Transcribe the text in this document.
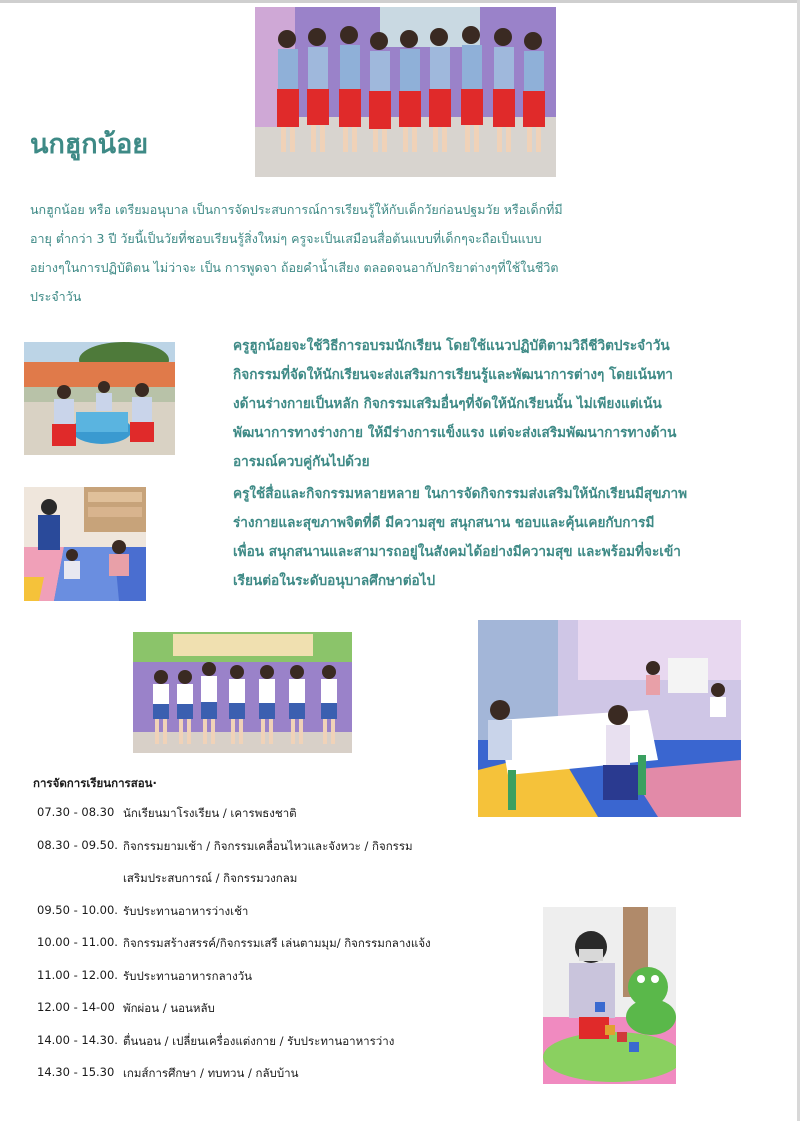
นกฮูกน้อย
นกฮูกน้อย หรือ เตรียมอนุบาล เป็นการจัดประสบการณ์การเรียนรู้ให้กับเด็กวัยก่อนปฐมวัย หรือเด็กที่มี
อายุ ต่ำกว่า 3 ปี วัยนี้เป็นวัยที่ชอบเรียนรู้สิ่งใหม่ๆ ครูจะเป็นเสมือนสื่อต้นแบบที่เด็กๆจะถือเป็นแบบ
อย่างๆในการปฏิบัติตน ไม่ว่าจะ เป็น การพูดจา ถ้อยคำน้ำเสียง ตลอดจนอากัปกริยาต่างๆที่ใช้ในชีวิต
ประจำวัน
ครูฮูกน้อยจะใช้วิธีการอบรมนักเรียน โดยใช้แนวปฏิบัติตามวิถีชีวิตประจำวัน
กิจกรรมที่จัดให้นักเรียนจะส่งเสริมการเรียนรู้และพัฒนาการต่างๆ โดยเน้นทา
งด้านร่างกายเป็นหลัก กิจกรรมเสริมอื่นๆที่จัดให้นักเรียนนั้น ไม่เพียงแต่เน้น
พัฒนาการทางร่างกาย ให้มีร่างการแข็งแรง แต่จะส่งเสริมพัฒนาการทางด้าน
อารมณ์ควบคู่กันไปด้วย
ครูใช้สื่อและกิจกรรมหลายหลาย ในการจัดกิจกรรมส่งเสริมให้นักเรียนมีสุขภาพ
ร่างกายและสุขภาพจิตที่ดี มีความสุข สนุกสนาน ชอบและคุ้นเคยกับการมี
เพื่อน สนุกสนานและสามารถอยู่ในสังคมได้อย่างมีความสุข และพร้อมที่จะเข้า
เรียนต่อในระดับอนุบาลศึกษาต่อไป
การจัดการเรียนการสอน·
07.30 - 08.30 นักเรียนมาโรงเรียน / เคารพธงชาติ
08.30 - 09.50. กิจกรรมยามเช้า / กิจกรรมเคลื่อนไหวและจังหวะ / กิจกรรม
เสริมประสบการณ์ / กิจกรรมวงกลม
09.50 - 10.00. รับประทานอาหารว่างเช้า
10.00 - 11.00. กิจกรรมสร้างสรรค์/กิจกรรมเสรี เล่นตามมุม/ กิจกรรมกลางแจ้ง
11.00 - 12.00. รับประทานอาหารกลางวัน
12.00 - 14-00 พักผ่อน / นอนหลับ
14.00 - 14.30. ตื่นนอน / เปลี่ยนเครื่องแต่งกาย / รับประทานอาหารว่าง
14.30 - 15.30 เกมส์การศึกษา / ทบทวน / กลับบ้าน
